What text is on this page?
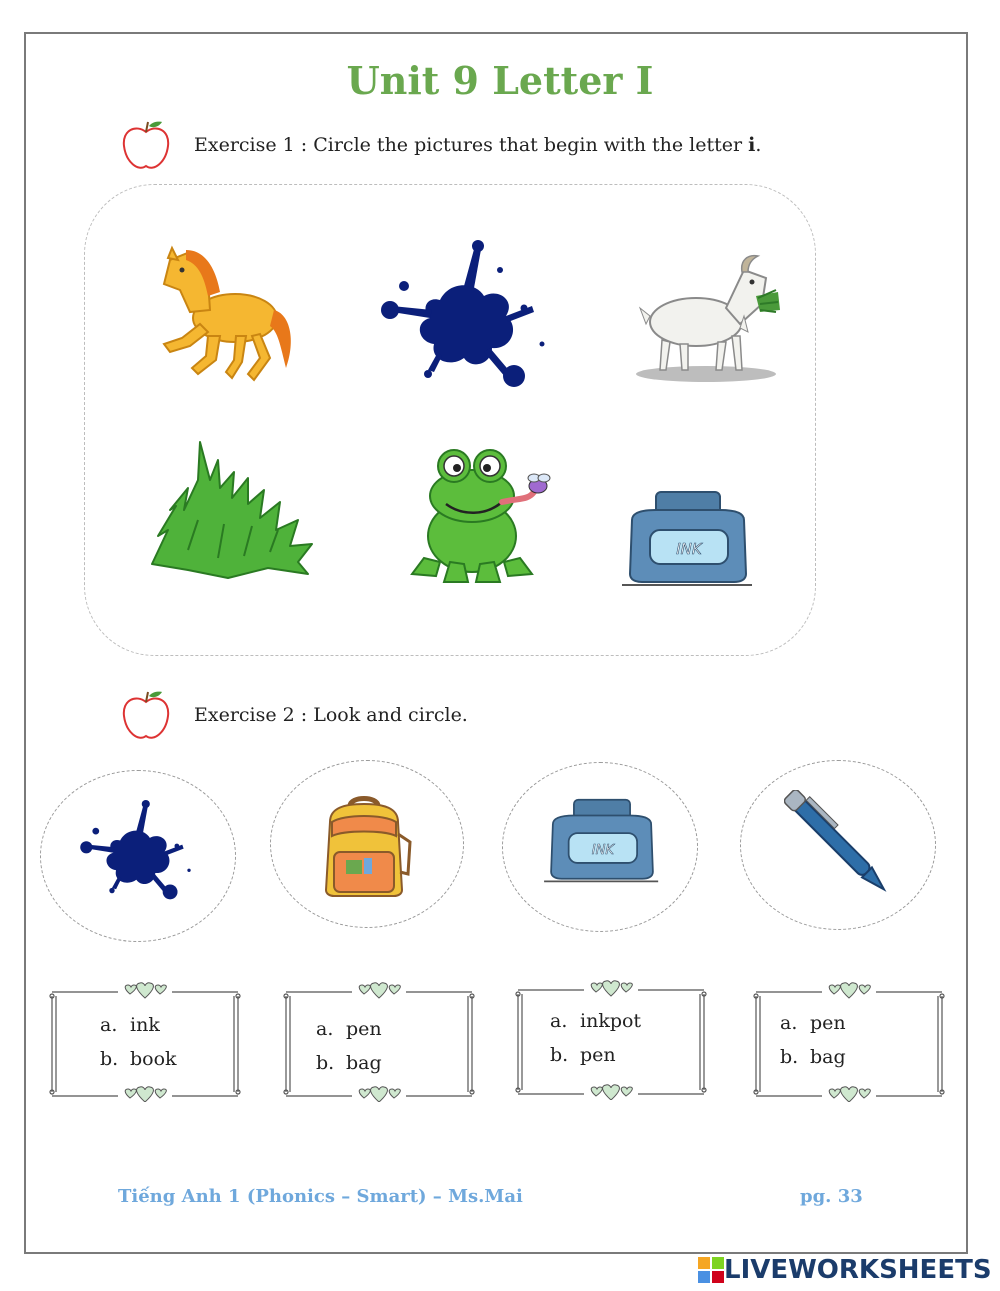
Unit 9 Letter I
Exercise 1 : Circle the pictures that begin with the letter i.
INK
Exercise 2 : Look and circle.
INK
a. ink
b. book
a. pen
b. bag
a. inkpot
b. pen
a. pen
b. bag
Tiếng Anh 1 (Phonics – Smart) – Ms.Mai	pg. 33
LIVEWORKSHEETS
